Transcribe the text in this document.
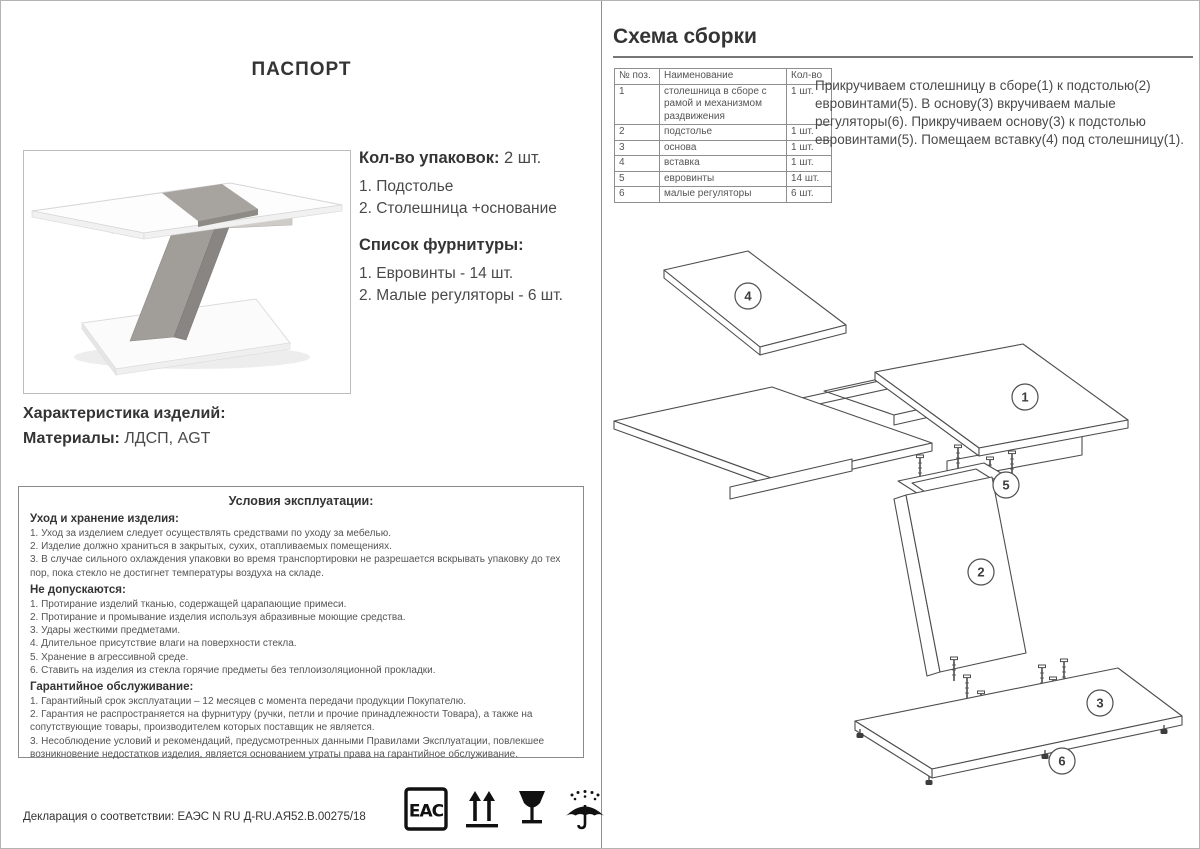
ПАСПОРТ
Кол-во упаковок: 2 шт.
1. Подстолье
2. Столешница +основание
Список фурнитуры:
1. Евровинты - 14 шт.
2. Малые регуляторы - 6 шт.
Характеристика изделий:
Материалы: ЛДСП, AGT
Условия эксплуатации:
Уход и хранение изделия:
1. Уход за изделием следует осуществлять средствами по уходу за мебелью.
2. Изделие должно храниться в закрытых, сухих, отапливаемых помещениях.
3. В случае сильного охлаждения упаковки во время транспортировки не разрешается вскрывать упаковку до тех пор, пока стекло не достигнет температуры воздуха на складе.
Не допускаются:
1. Протирание изделий тканью, содержащей царапающие примеси.
2. Протирание и промывание изделия используя абразивные моющие средства.
3. Удары жесткими предметами.
4. Длительное присутствие влаги на поверхности стекла.
5. Хранение в агрессивной среде.
6. Ставить на изделия из стекла горячие предметы без теплоизоляционной прокладки.
Гарантийное обслуживание:
1. Гарантийный срок эксплуатации – 12 месяцев с момента передачи продукции Покупателю.
2. Гарантия не распространяется на фурнитуру (ручки, петли и прочие принадлежности Товара), а также на сопутствующие товары, производителем которых поставщик не является.
3. Несоблюдение условий и рекомендаций, предусмотренных данными Правилами Эксплуатации, повлекшее возникновение недостатков изделия, является основанием утраты права на гарантийное обслуживание.
Декларация о соответствии: ЕАЭС N RU Д-RU.АЯ52.В.00275/18	ЕАС
Схема сборки
№ поз.	Наименование	Кол-во
1	столешница в сборе с рамой и механизмом раздвижения	1 шт.
2	подстолье	1 шт.
3	основа	1 шт.
4	вставка	1 шт.
5	евровинты	14 шт.
6	малые регуляторы	6 шт.
Прикручиваем столешницу в сборе(1) к подстолью(2) евровинтами(5). В основу(3) вкручиваем малые регуляторы(6). Прикручиваем основу(3) к подстолью евровинтами(5). Помещаем вставку(4) под столешницу(1).
4
1
5
2
3
6
